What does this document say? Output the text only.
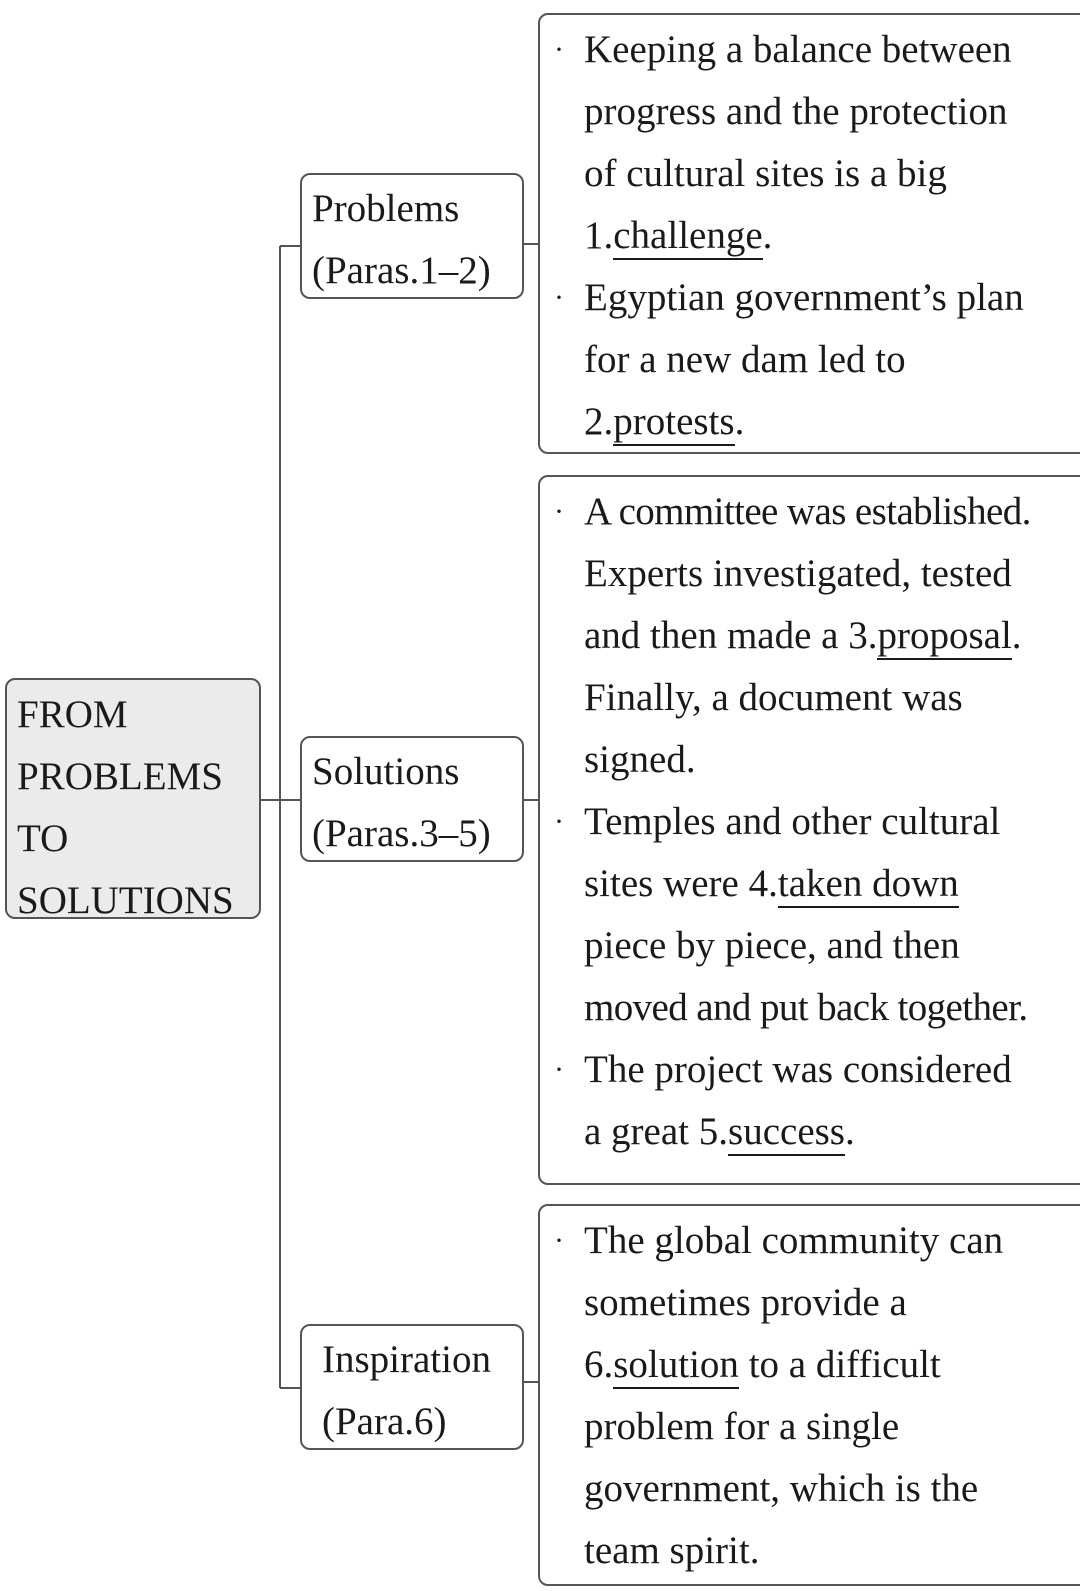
FROM
PROBLEMS
TO
SOLUTIONS
Problems
(Paras.1–2)
Solutions
(Paras.3–5)
Inspiration
(Para.6)
· Keeping a balance between
progress and the protection
of cultural sites is a big
1.challenge.
· Egyptian government’s plan
for a new dam led to
2.protests.
· A committee was established.
Experts investigated, tested
and then made a 3.proposal.
Finally, a document was
signed.
· Temples and other cultural
sites were 4.taken down
piece by piece, and then
moved and put back together.
· The project was considered
a great 5.success.
· The global community can
sometimes provide a
6.solution to a difficult
problem for a single
government, which is the
team spirit.
